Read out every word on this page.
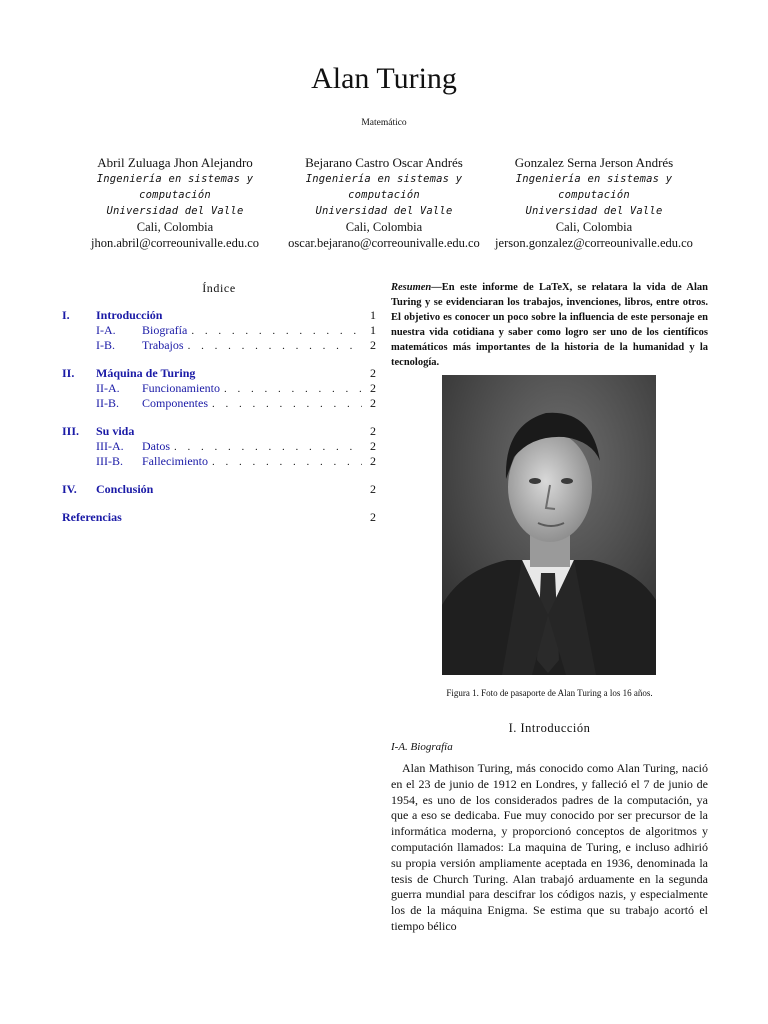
Alan Turing
Matemático
Abril Zuluaga Jhon Alejandro
Ingeniería en sistemas y computación
Universidad del Valle
Cali, Colombia
jhon.abril@correounivalle.edu.co
Bejarano Castro Oscar Andrés
Ingeniería en sistemas y computación
Universidad del Valle
Cali, Colombia
oscar.bejarano@correounivalle.edu.co
Gonzalez Serna Jerson Andrés
Ingeniería en sistemas y computación
Universidad del Valle
Cali, Colombia
jerson.gonzalez@correounivalle.edu.co
Índice
I.	Introducción	1
I-A.	Biografía . . .	1
I-B.	Trabajos . . .	2
II.	Máquina de Turing	2
II-A.	Funcionamiento . . .	2
II-B.	Componentes . . .	2
III.	Su vida	2
III-A.	Datos . . .	2
III-B.	Fallecimiento . . .	2
IV.	Conclusión	2
Referencias	2
Resumen—En este informe de LaTeX, se relatara la vida de Alan Turing y se evidenciaran los trabajos, invenciones, libros, entre otros. El objetivo es conocer un poco sobre la influencia de este personaje en nuestra vida cotidiana y saber como logro ser uno de los científicos matemáticos más importantes de la historia de la humanidad y la tecnología.
Figura 1. Foto de pasaporte de Alan Turing a los 16 años.
I. Introducción
I-A. Biografía
Alan Mathison Turing, más conocido como Alan Turing, nació en el 23 de junio de 1912 en Londres, y falleció el 7 de junio de 1954, es uno de los considerados padres de la computación, ya que a eso se dedicaba. Fue muy conocido por ser precursor de la informática moderna, y proporcionó conceptos de algoritmos y computación llamados: La maquina de Turing, e incluso adhirió su propia versión ampliamente aceptada en 1936, denominada la tesis de Church Turing. Alan trabajó arduamente en la segunda guerra mundial para descifrar los códigos nazis, y especialmente los de la máquina Enigma. Se estima que su trabajo acortó el tiempo bélico
